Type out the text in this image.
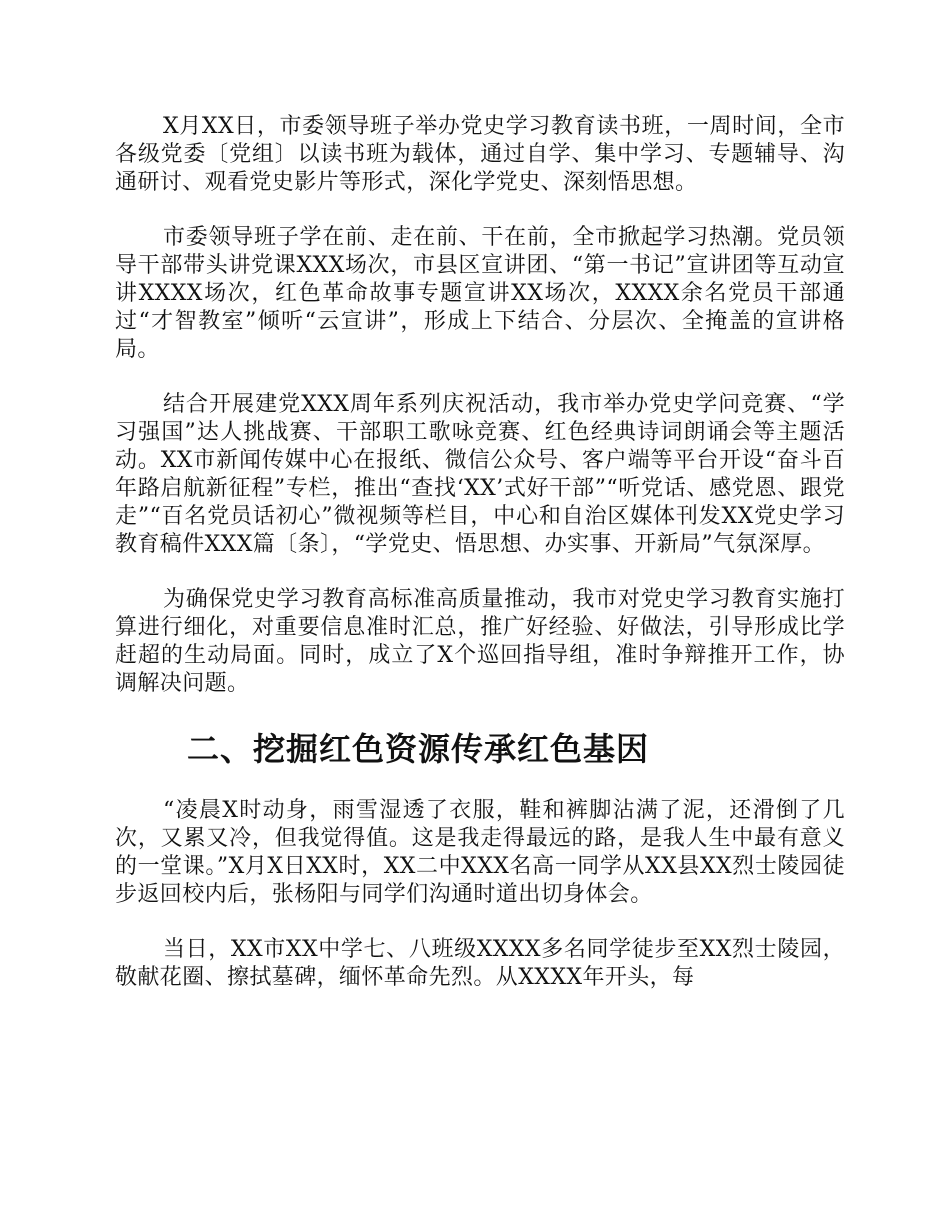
X月XX日，市委领导班子举办党史学习教育读书班，一周时间，全市各级党委〔党组〕以读书班为载体，通过自学、集中学习、专题辅导、沟通研讨、观看党史影片等形式，深化学党史、深刻悟思想。

市委领导班子学在前、走在前、干在前，全市掀起学习热潮。党员领导干部带头讲党课XXX场次，市县区宣讲团、“第一书记”宣讲团等互动宣讲XXXX场次，红色革命故事专题宣讲XX场次，XXXX余名党员干部通过“才智教室”倾听“云宣讲”，形成上下结合、分层次、全掩盖的宣讲格局。

结合开展建党XXX周年系列庆祝活动，我市举办党史学问竞赛、“学习强国”达人挑战赛、干部职工歌咏竞赛、红色经典诗词朗诵会等主题活动。XX市新闻传媒中心在报纸、微信公众号、客户端等平台开设“奋斗百年路启航新征程”专栏，推出“查找‘XX’式好干部”“听党话、感党恩、跟党走”“百名党员话初心”微视频等栏目，中心和自治区媒体刊发XX党史学习教育稿件XXX篇〔条〕，“学党史、悟思想、办实事、开新局”气氛深厚。

为确保党史学习教育高标准高质量推动，我市对党史学习教育实施打算进行细化，对重要信息准时汇总，推广好经验、好做法，引导形成比学赶超的生动局面。同时，成立了X个巡回指导组，准时争辩推开工作，协调解决问题。

二、挖掘红色资源传承红色基因

“凌晨X时动身，雨雪湿透了衣服，鞋和裤脚沾满了泥，还滑倒了几次，又累又冷，但我觉得值。这是我走得最远的路，是我人生中最有意义的一堂课。”X月X日XX时，XX二中XXX名高一同学从XX县XX烈士陵园徒步返回校内后，张杨阳与同学们沟通时道出切身体会。

当日，XX市XX中学七、八班级XXXX多名同学徒步至XX烈士陵园，敬献花圈、擦拭墓碑，缅怀革命先烈。从XXXX年开头，每
